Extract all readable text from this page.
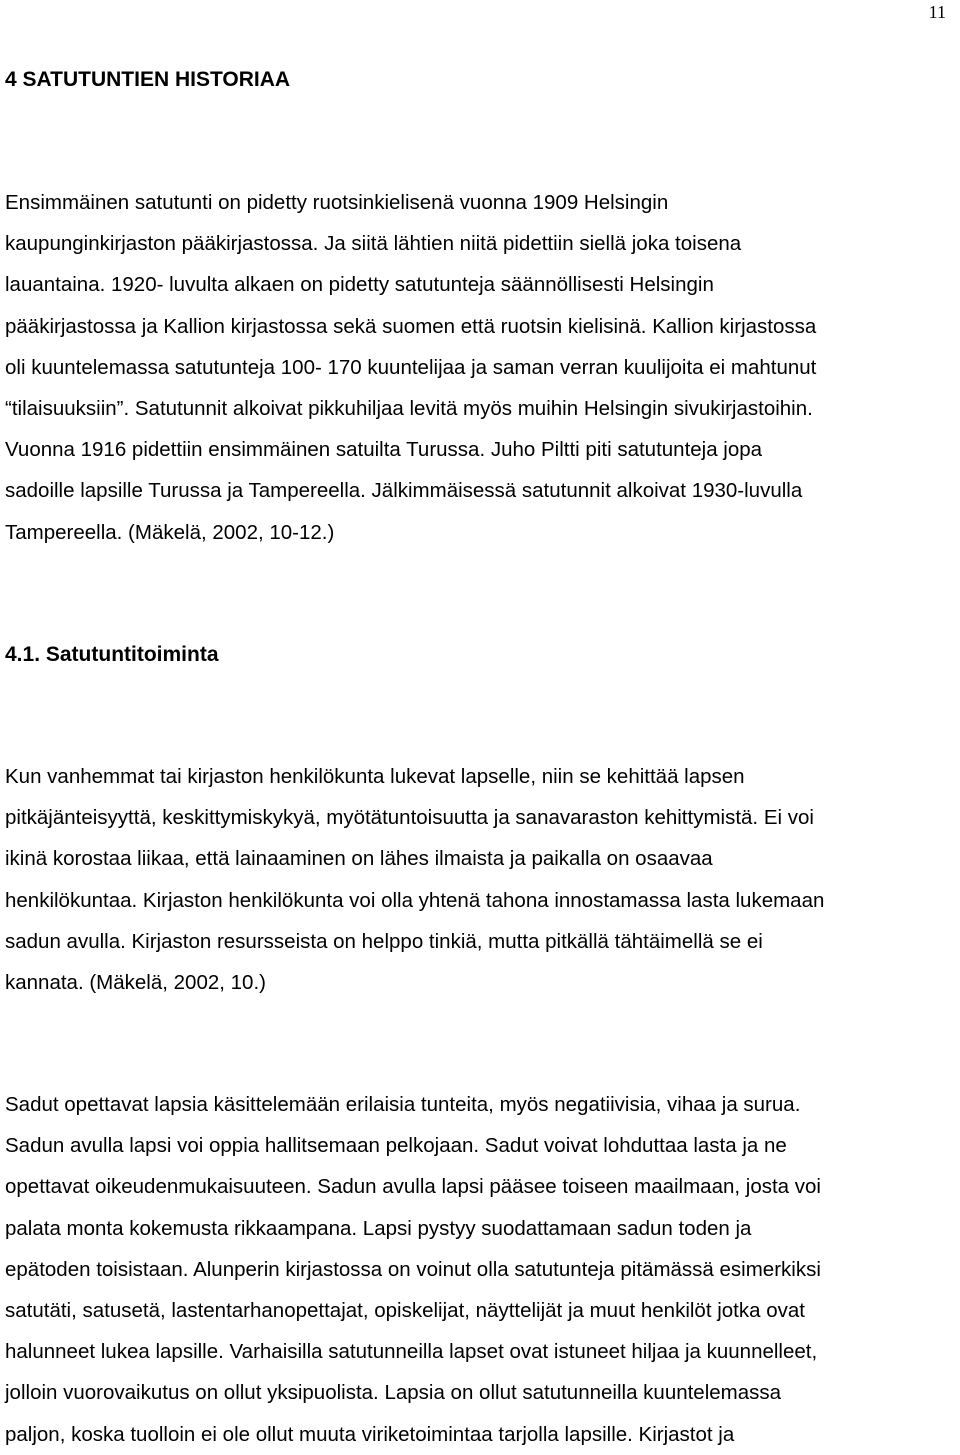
11
4 SATUTUNTIEN HISTORIAA
Ensimmäinen satutunti on pidetty ruotsinkielisenä vuonna 1909 Helsingin
kaupunginkirjaston pääkirjastossa. Ja siitä lähtien niitä pidettiin siellä joka toisena
lauantaina. 1920- luvulta alkaen on pidetty satutunteja säännöllisesti Helsingin
pääkirjastossa ja Kallion kirjastossa sekä suomen että ruotsin kielisinä. Kallion kirjastossa
oli kuuntelemassa satutunteja 100- 170 kuuntelijaa ja saman verran kuulijoita ei mahtunut
“tilaisuuksiin”. Satutunnit alkoivat pikkuhiljaa levitä myös muihin Helsingin sivukirjastoihin.
Vuonna 1916 pidettiin ensimmäinen satuilta Turussa. Juho Piltti piti satutunteja jopa
sadoille lapsille Turussa ja Tampereella. Jälkimmäisessä satutunnit alkoivat 1930-luvulla
Tampereella. (Mäkelä, 2002, 10-12.)
4.1. Satutuntitoiminta
Kun vanhemmat tai kirjaston henkilökunta lukevat lapselle, niin se kehittää lapsen
pitkäjänteisyyttä, keskittymiskykyä, myötätuntoisuutta ja sanavaraston kehittymistä. Ei voi
ikinä korostaa liikaa, että lainaaminen on lähes ilmaista ja paikalla on osaavaa
henkilökuntaa. Kirjaston henkilökunta voi olla yhtenä tahona innostamassa lasta lukemaan
sadun avulla. Kirjaston resursseista on helppo tinkiä, mutta pitkällä tähtäimellä se ei
kannata. (Mäkelä, 2002, 10.)
Sadut opettavat lapsia käsittelemään erilaisia tunteita, myös negatiivisia, vihaa ja surua.
Sadun avulla lapsi voi oppia hallitsemaan pelkojaan. Sadut voivat lohduttaa lasta ja ne
opettavat oikeudenmukaisuuteen. Sadun avulla lapsi pääsee toiseen maailmaan, josta voi
palata monta kokemusta rikkaampana. Lapsi pystyy suodattamaan sadun toden ja
epätoden toisistaan. Alunperin kirjastossa on voinut olla satutunteja pitämässä esimerkiksi
satutäti, satusetä, lastentarhanopettajat, opiskelijat, näyttelijät ja muut henkilöt jotka ovat
halunneet lukea lapsille. Varhaisilla satutunneilla lapset ovat istuneet hiljaa ja kuunnelleet,
jolloin vuorovaikutus on ollut yksipuolista. Lapsia on ollut satutunneilla kuuntelemassa
paljon, koska tuolloin ei ole ollut muuta viriketoimintaa tarjolla lapsille. Kirjastot ja
